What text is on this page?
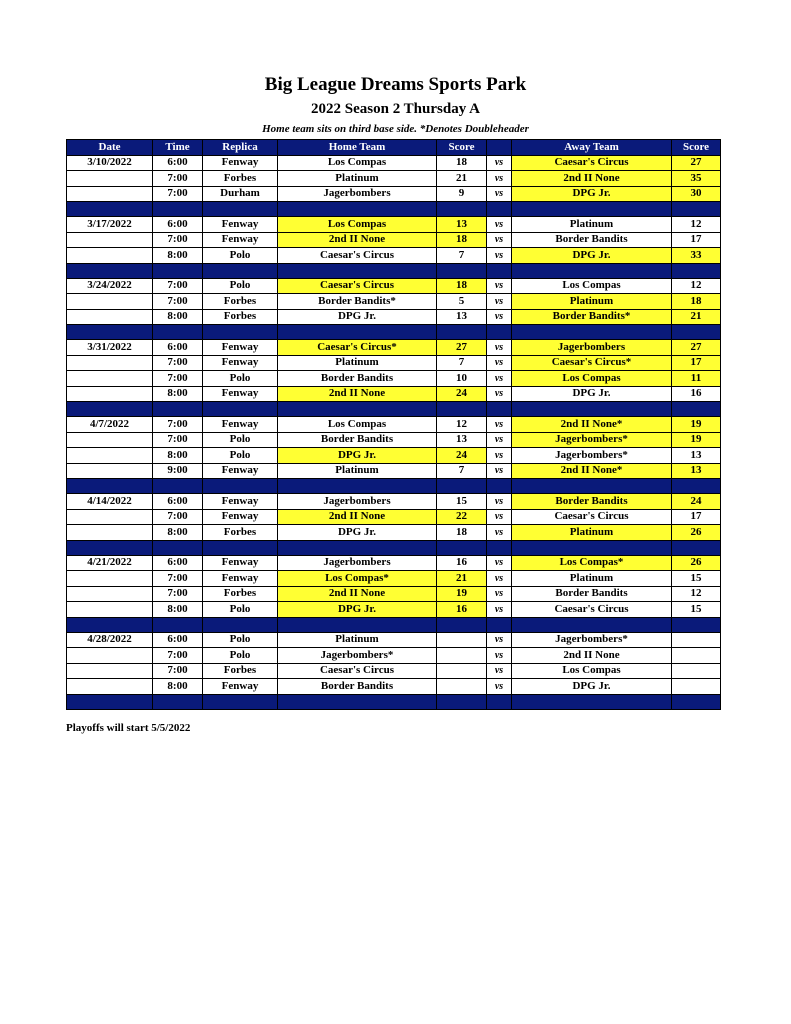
Big League Dreams Sports Park
2022 Season 2 Thursday A
Home team sits on third base side. *Denotes Doubleheader
Date	Time	Replica	Home Team	Score		Away Team	Score
3/10/2022	6:00	Fenway	Los Compas	18	vs	Caesar's Circus	27
	7:00	Forbes	Platinum	21	vs	2nd II None	35
	7:00	Durham	Jagerbombers	9	vs	DPG Jr.	30

3/17/2022	6:00	Fenway	Los Compas	13	vs	Platinum	12
	7:00	Fenway	2nd II None	18	vs	Border Bandits	17
	8:00	Polo	Caesar's Circus	7	vs	DPG Jr.	33

3/24/2022	7:00	Polo	Caesar's Circus	18	vs	Los Compas	12
	7:00	Forbes	Border Bandits*	5	vs	Platinum	18
	8:00	Forbes	DPG Jr.	13	vs	Border Bandits*	21

3/31/2022	6:00	Fenway	Caesar's Circus*	27	vs	Jagerbombers	27
	7:00	Fenway	Platinum	7	vs	Caesar's Circus*	17
	7:00	Polo	Border Bandits	10	vs	Los Compas	11
	8:00	Fenway	2nd II None	24	vs	DPG Jr.	16

4/7/2022	7:00	Fenway	Los Compas	12	vs	2nd II None*	19
	7:00	Polo	Border Bandits	13	vs	Jagerbombers*	19
	8:00	Polo	DPG Jr.	24	vs	Jagerbombers*	13
	9:00	Fenway	Platinum	7	vs	2nd II None*	13

4/14/2022	6:00	Fenway	Jagerbombers	15	vs	Border Bandits	24
	7:00	Fenway	2nd II None	22	vs	Caesar's Circus	17
	8:00	Forbes	DPG Jr.	18	vs	Platinum	26

4/21/2022	6:00	Fenway	Jagerbombers	16	vs	Los Compas*	26
	7:00	Fenway	Los Compas*	21	vs	Platinum	15
	7:00	Forbes	2nd II None	19	vs	Border Bandits	12
	8:00	Polo	DPG Jr.	16	vs	Caesar's Circus	15

4/28/2022	6:00	Polo	Platinum		vs	Jagerbombers*	
	7:00	Polo	Jagerbombers*		vs	2nd II None	
	7:00	Forbes	Caesar's Circus		vs	Los Compas	
	8:00	Fenway	Border Bandits		vs	DPG Jr.	

Playoffs will start 5/5/2022
